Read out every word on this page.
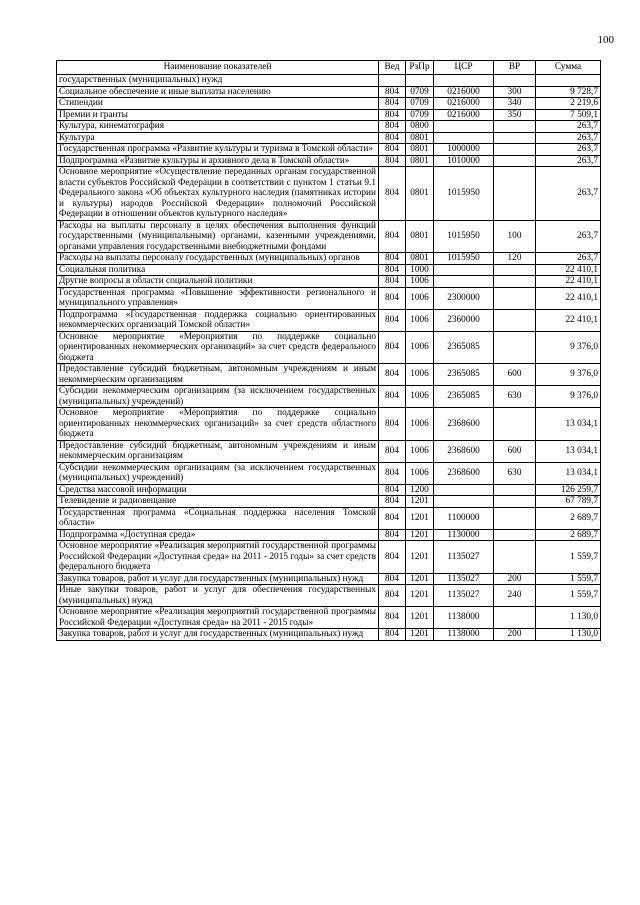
100
Наименование показателей	Вед	РзПр	ЦСР	ВР	Сумма
государственных (муниципальных) нужд					
Социальное обеспечение и иные выплаты населению	804	0709	0216000	300	9 728,7
Стипендии	804	0709	0216000	340	2 219,6
Премии и гранты	804	0709	0216000	350	7 509,1
Культура, кинематография	804	0800			263,7
Культура	804	0801			263,7
Государственная программа «Развитие культуры и туризма в Томской области»	804	0801	1000000		263,7
Подпрограмма «Развитие культуры и архивного дела в Томской области»	804	0801	1010000		263,7
Основное мероприятие «Осуществление переданных органам государственной власти субъектов Российской Федерации в соответствии с пунктом 1 статьи 9.1 Федерального закона «Об объектах культурного наследия (памятниках истории и культуры) народов Российской Федерации» полномочий Российской Федерации в отношении объектов культурного наследия»	804	0801	1015950		263,7
Расходы на выплаты персоналу в целях обеспечения выполнения функций государственными (муниципальными) органами, казенными учреждениями, органами управления государственными внебюджетными фондами	804	0801	1015950	100	263,7
Расходы на выплаты персоналу государственных (муниципальных) органов	804	0801	1015950	120	263,7
Социальная политика	804	1000			22 410,1
Другие вопросы в области социальной политики	804	1006			22 410,1
Государственная программа «Повышение эффективности регионального и муниципального управления»	804	1006	2300000		22 410,1
Подпрограмма «Государственная поддержка социально ориентированных некоммерческих организаций Томской области»	804	1006	2360000		22 410,1
Основное мероприятие «Мероприятия по поддержке социально ориентированных некоммерческих организаций» за счет средств федерального бюджета	804	1006	2365085		9 376,0
Предоставление субсидий бюджетным, автономным учреждениям и иным некоммерческим организациям	804	1006	2365085	600	9 376,0
Субсидии некоммерческим организациям (за исключением государственных (муниципальных) учреждений)	804	1006	2365085	630	9 376,0
Основное мероприятие «Мероприятия по поддержке социально ориентированных некоммерческих организаций» за счет средств областного бюджета	804	1006	2368600		13 034,1
Предоставление субсидий бюджетным, автономным учреждениям и иным некоммерческим организациям	804	1006	2368600	600	13 034,1
Субсидии некоммерческим организациям (за исключением государственных (муниципальных) учреждений)	804	1006	2368600	630	13 034,1
Средства массовой информации	804	1200			126 259,7
Телевидение и радиовещание	804	1201			67 789,7
Государственная программа «Социальная поддержка населения Томской области»	804	1201	1100000		2 689,7
Подпрограмма «Доступная среда»	804	1201	1130000		2 689,7
Основное мероприятие «Реализация мероприятий государственной программы Российской Федерации «Доступная среда» на 2011 - 2015 годы» за счет средств федерального бюджета	804	1201	1135027		1 559,7
Закупка товаров, работ и услуг для государственных (муниципальных) нужд	804	1201	1135027	200	1 559,7
Иные закупки товаров, работ и услуг для обеспечения государственных (муниципальных) нужд	804	1201	1135027	240	1 559,7
Основное мероприятие «Реализация мероприятий государственной программы Российской Федерации «Доступная среда» на 2011 - 2015 годы»	804	1201	1138000		1 130,0
Закупка товаров, работ и услуг для государственных (муниципальных) нужд	804	1201	1138000	200	1 130,0
